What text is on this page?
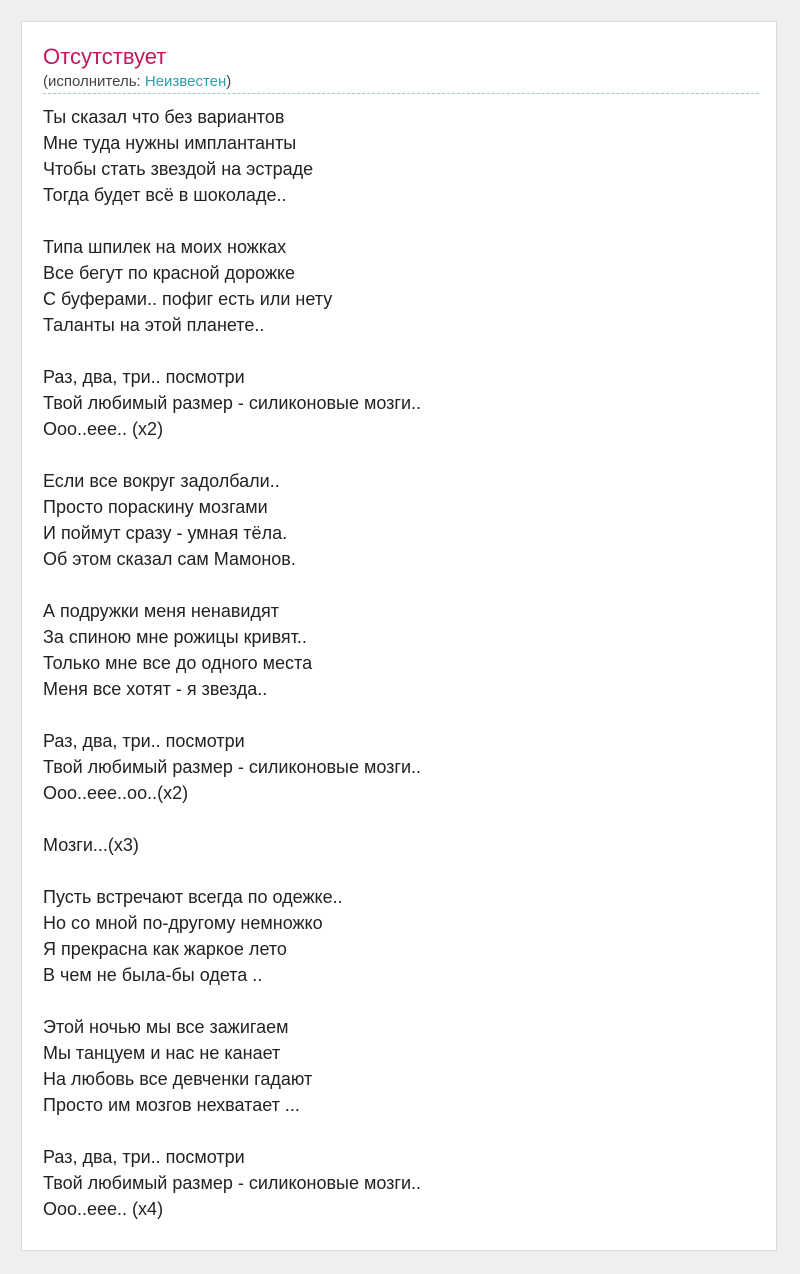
Отсутствует
(исполнитель: Неизвестен)
Ты сказал что без вариантов
Мне туда нужны имплантанты
Чтобы стать звездой на эстраде
Тогда будет всё в шоколаде..
Типа шпилек на моих ножках
Все бегут по красной дорожке
С буферами.. пофиг есть или нету
Таланты на этой планете..
Раз, два, три.. посмотри
Твой любимый размер - силиконовые мозги..
Ооо..еее.. (x2)
Если все вокруг задолбали..
Просто пораскину мозгами
И поймут сразу - умная тёла.
Об этом сказал сам Мамонов.
А подружки меня ненавидят
За спиною мне рожицы кривят..
Только мне все до одного места
Меня все хотят - я звезда..
Раз, два, три.. посмотри
Твой любимый размер - силиконовые мозги..
Ооо..еее..оо..(x2)
Мозги...(x3)
Пусть встречают всегда по одежке..
Но со мной по-другому немножко
Я прекрасна как жаркое лето
В чем не была-бы одета ..
Этой ночью мы все зажигаем
Мы танцуем и нас не канает
На любовь все девченки гадают
Просто им мозгов нехватает ...
Раз, два, три.. посмотри
Твой любимый размер - силиконовые мозги..
Ооо..еее.. (x4)
